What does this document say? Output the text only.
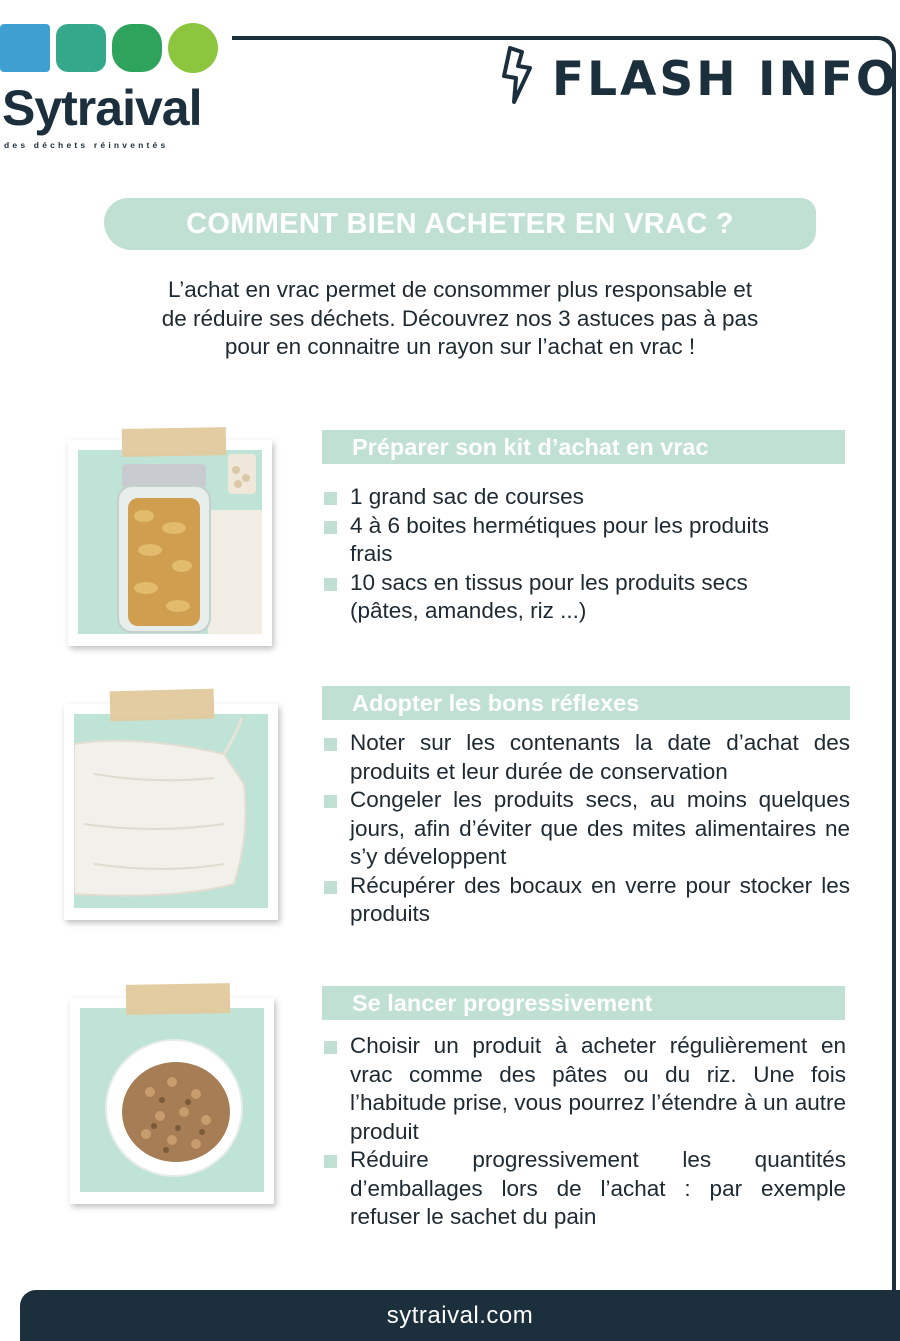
Sytraival
des déchets réinventés
FLASH INFO
COMMENT BIEN ACHETER EN VRAC ?
L’achat en vrac permet de consommer plus responsable et
de réduire ses déchets. Découvrez nos 3 astuces pas à pas
pour en connaitre un rayon sur l’achat en vrac !
Préparer son kit d’achat en vrac
1 grand sac de courses
4 à 6 boites hermétiques pour les produits frais
10 sacs en tissus pour les produits secs (pâtes, amandes, riz ...)
Adopter les bons réflexes
Noter sur les contenants la date d’achat des produits et leur durée de conservation
Congeler les produits secs, au moins quelques jours, afin d’éviter que des mites alimentaires ne s’y développent
Récupérer des bocaux en verre pour stocker les produits
Se lancer progressivement
Choisir un produit à acheter régulièrement en vrac comme des pâtes ou du riz. Une fois l’habitude prise, vous pourrez l’étendre à un autre produit
Réduire progressivement les quantités d’emballages lors de l’achat : par exemple refuser le sachet du pain
sytraival.com
